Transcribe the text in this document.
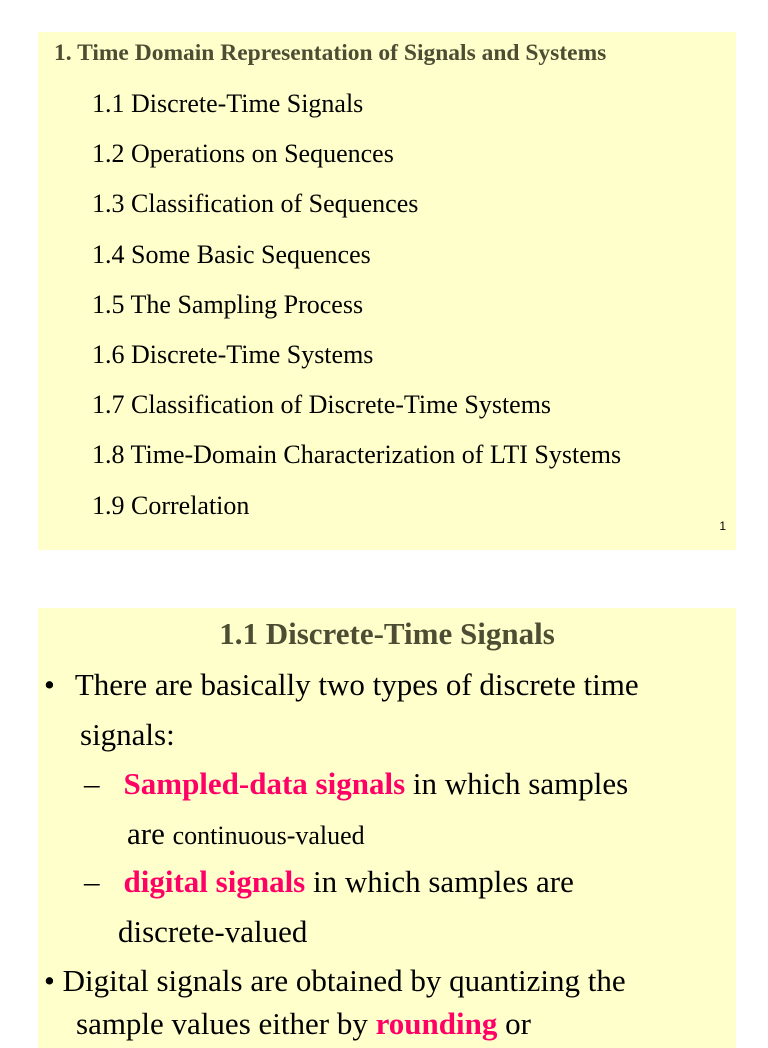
1. Time Domain Representation of Signals and Systems
1.1 Discrete-Time Signals
1.2 Operations on Sequences
1.3 Classification of Sequences
1.4 Some Basic Sequences
1.5 The Sampling Process
1.6 Discrete-Time Systems
1.7 Classification of Discrete-Time Systems
1.8 Time-Domain Characterization of LTI Systems
1.9 Correlation
1
1.1 Discrete-Time Signals
• There are basically two types of discrete time
signals:
– Sampled-data signals in which samples
are continuous-valued
– digital signals in which samples are
discrete-valued
• Digital signals are obtained by quantizing the
sample values either by rounding or
